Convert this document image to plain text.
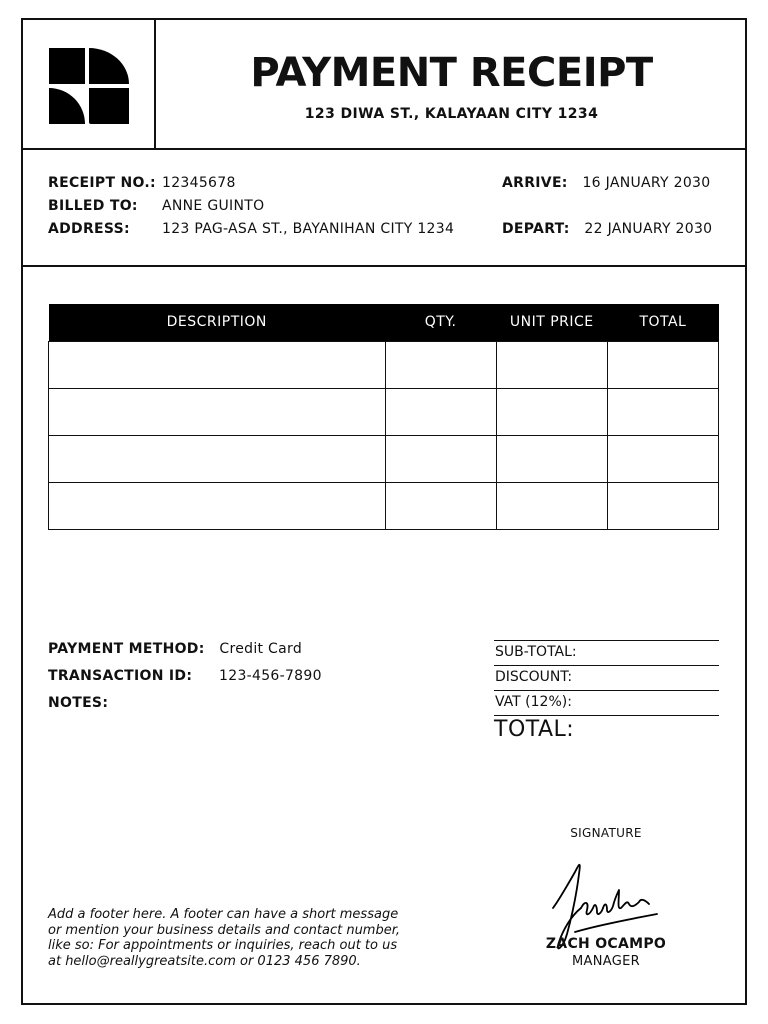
PAYMENT RECEIPT
123 DIWA ST., KALAYAAN CITY 1234
RECEIPT NO.: 12345678
BILLED TO: ANNE GUINTO
ADDRESS: 123 PAG-ASA ST., BAYANIHAN CITY 1234
ARRIVE: 16 JANUARY 2030
DEPART: 22 JANUARY 2030
DESCRIPTION	QTY.	UNIT PRICE	TOTAL

PAYMENT METHOD: Credit Card
TRANSACTION ID: 123-456-7890
NOTES:
SUB-TOTAL:
DISCOUNT:
VAT (12%):
TOTAL:
SIGNATURE
ZACH OCAMPO
MANAGER
Add a footer here. A footer can have a short message
or mention your business details and contact number,
like so: For appointments or inquiries, reach out to us
at hello@reallygreatsite.com or 0123 456 7890.
